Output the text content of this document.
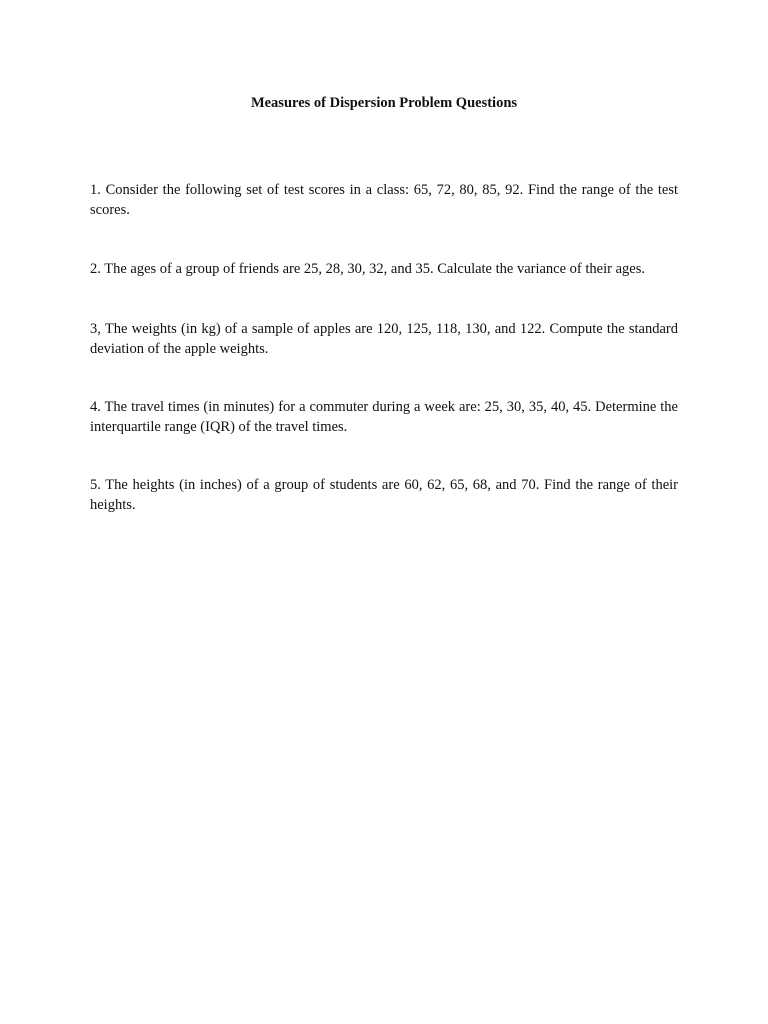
Measures of Dispersion Problem Questions

1. Consider the following set of test scores in a class: 65, 72, 80, 85, 92. Find the range of the test scores.

2. The ages of a group of friends are 25, 28, 30, 32, and 35. Calculate the variance of their ages.

3, The weights (in kg) of a sample of apples are 120, 125, 118, 130, and 122. Compute the standard deviation of the apple weights.

4. The travel times (in minutes) for a commuter during a week are: 25, 30, 35, 40, 45. Determine the interquartile range (IQR) of the travel times.

5. The heights (in inches) of a group of students are 60, 62, 65, 68, and 70. Find the range of their heights.
